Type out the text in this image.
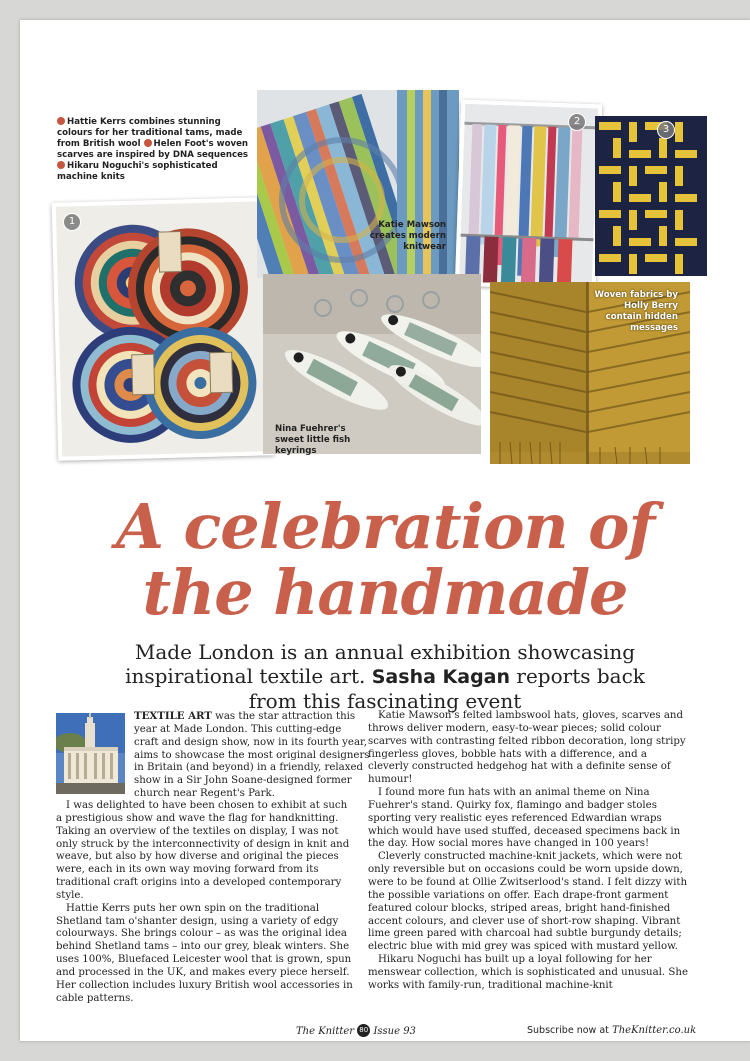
Hattie Kerrs combines stunning colours for her traditional tams, made from British wool Helen Foot's woven scarves are inspired by DNA sequences Hikaru Noguchi's sophisticated machine knits
1	Katie Mawson creates modern knitwear
2
3
Nina Fuehrer's sweet little fish keyrings
Woven fabrics by Holly Berry contain hidden messages
A celebration of
the handmade
Made London is an annual exhibition showcasing
inspirational textile art. Sasha Kagan reports back
from this fascinating event
TEXTILE ART was the star attraction this
year at Made London. This cutting-edge
craft and design show, now in its fourth year,
aims to showcase the most original designers
in Britain (and beyond) in a friendly, relaxed
show in a Sir John Soane-designed former
church near Regent's Park.

I was delighted to have been chosen to exhibit at such a prestigious show and wave the flag for handknitting. Taking an overview of the textiles on display, I was not only struck by the interconnectivity of design in knit and weave, but also by how diverse and original the pieces were, each in its own way moving forward from its traditional craft origins into a developed contemporary style.

Hattie Kerrs puts her own spin on the traditional Shetland tam o'shanter design, using a variety of edgy colourways. She brings colour – as was the original idea behind Shetland tams – into our grey, bleak winters. She uses 100%, Bluefaced Leicester wool that is grown, spun and processed in the UK, and makes every piece herself. Her collection includes luxury British wool accessories in cable patterns.

Katie Mawson's felted lambswool hats, gloves, scarves and throws deliver modern, easy-to-wear pieces; solid colour scarves with contrasting felted ribbon decoration, long stripy fingerless gloves, bobble hats with a difference, and a cleverly constructed hedgehog hat with a definite sense of humour!

I found more fun hats with an animal theme on Nina Fuehrer's stand. Quirky fox, flamingo and badger stoles sporting very realistic eyes referenced Edwardian wraps which would have used stuffed, deceased specimens back in the day. How social mores have changed in 100 years!

Cleverly constructed machine-knit jackets, which were not only reversible but on occasions could be worn upside down, were to be found at Ollie Zwitserlood's stand. I felt dizzy with the possible variations on offer. Each drape-front garment featured colour blocks, striped areas, bright hand-finished accent colours, and clever use of short-row shaping. Vibrant lime green pared with charcoal had subtle burgundy details; electric blue with mid grey was spiced with mustard yellow.

Hikaru Noguchi has built up a loyal following for her menswear collection, which is sophisticated and unusual. She works with family-run, traditional machine-knit

The Knitter 80 Issue 93	Subscribe now at TheKnitter.co.uk
